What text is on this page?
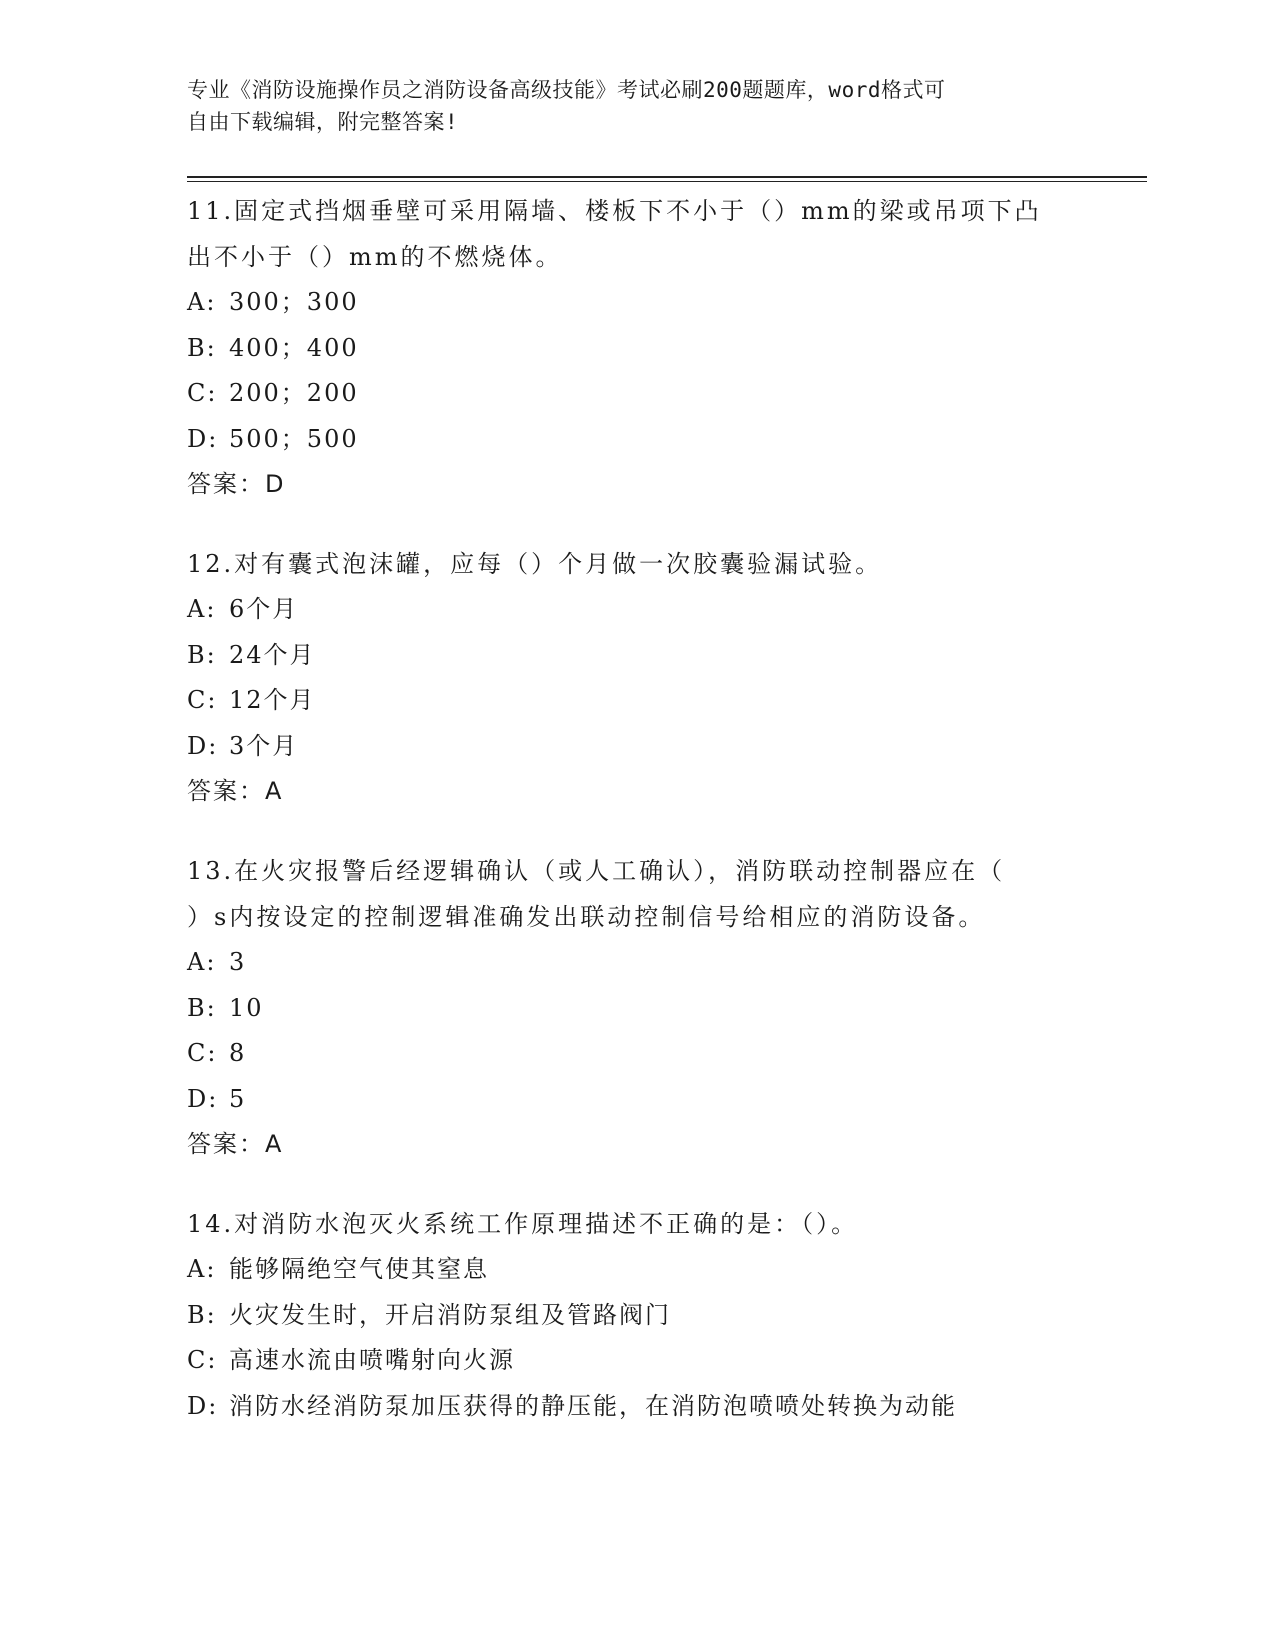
专业《消防设施操作员之消防设备高级技能》考试必刷200题题库，word格式可
自由下载编辑，附完整答案!
11.固定式挡烟垂壁可采用隔墙、楼板下不小于（）mm的梁或吊项下凸
出不小于（）mm的不燃烧体。
A: 300；300
B: 400；400
C: 200；200
D: 500；500
答案：D
12.对有囊式泡沫罐，应每（）个月做一次胶囊验漏试验。
A: 6个月
B: 24个月
C: 12个月
D: 3个月
答案：A
13.在火灾报警后经逻辑确认（或人工确认），消防联动控制器应在（
）s内按设定的控制逻辑准确发出联动控制信号给相应的消防设备。
A: 3
B: 10
C: 8
D: 5
答案：A
14.对消防水泡灭火系统工作原理描述不正确的是：（）。
A: 能够隔绝空气使其窒息
B: 火灾发生时，开启消防泵组及管路阀门
C: 高速水流由喷嘴射向火源
D: 消防水经消防泵加压获得的静压能，在消防泡喷喷处转换为动能
